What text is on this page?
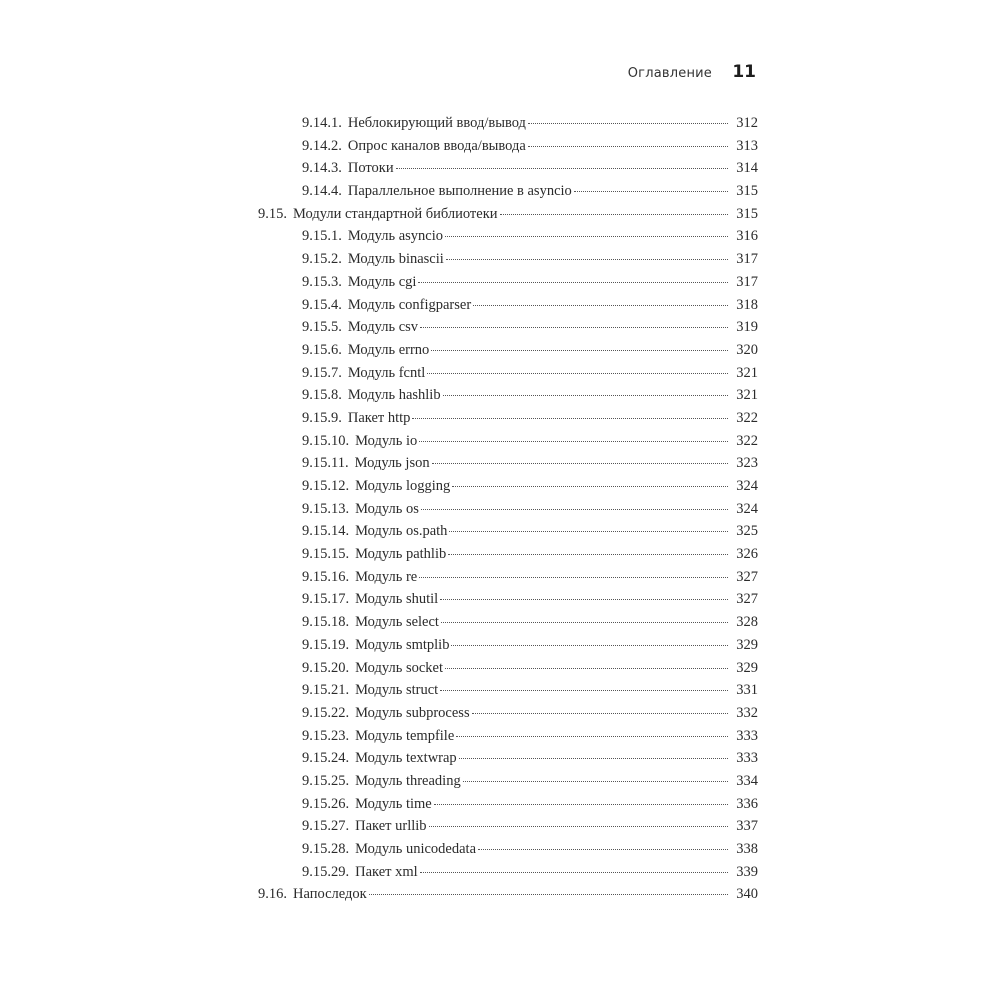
Оглавление 11
9.14.1. Неблокирующий ввод/вывод	312
9.14.2. Опрос каналов ввода/вывода	313
9.14.3. Потоки	314
9.14.4. Параллельное выполнение в asyncio	315
9.15. Модули стандартной библиотеки	315
9.15.1. Модуль asyncio	316
9.15.2. Модуль binascii	317
9.15.3. Модуль cgi	317
9.15.4. Модуль configparser	318
9.15.5. Модуль csv	319
9.15.6. Модуль errno	320
9.15.7. Модуль fcntl	321
9.15.8. Модуль hashlib	321
9.15.9. Пакет http	322
9.15.10. Модуль io	322
9.15.11. Модуль json	323
9.15.12. Модуль logging	324
9.15.13. Модуль os	324
9.15.14. Модуль os.path	325
9.15.15. Модуль pathlib	326
9.15.16. Модуль re	327
9.15.17. Модуль shutil	327
9.15.18. Модуль select	328
9.15.19. Модуль smtplib	329
9.15.20. Модуль socket	329
9.15.21. Модуль struct	331
9.15.22. Модуль subprocess	332
9.15.23. Модуль tempfile	333
9.15.24. Модуль textwrap	333
9.15.25. Модуль threading	334
9.15.26. Модуль time	336
9.15.27. Пакет urllib	337
9.15.28. Модуль unicodedata	338
9.15.29. Пакет xml	339
9.16. Напоследок	340
